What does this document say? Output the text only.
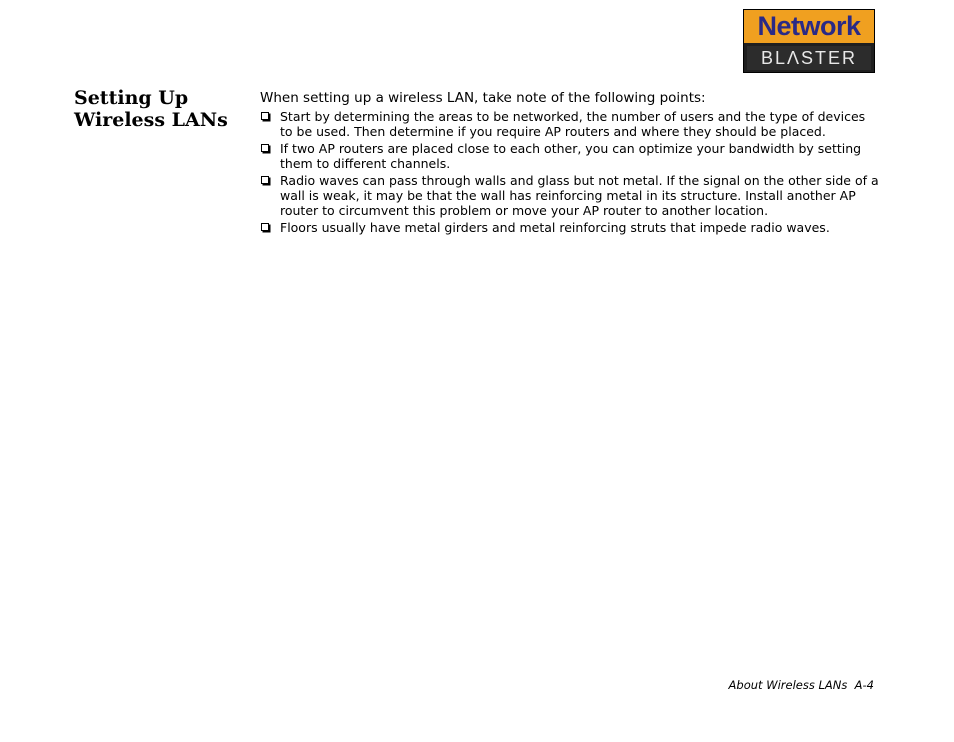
Network
BLΛSTER
Setting Up
Wireless LANs

When setting up a wireless LAN, take note of the following points:

Start by determining the areas to be networked, the number of users and the type of devices to be used. Then determine if you require AP routers and where they should be placed.
If two AP routers are placed close to each other, you can optimize your bandwidth by setting them to different channels.
Radio waves can pass through walls and glass but not metal. If the signal on the other side of a wall is weak, it may be that the wall has reinforcing metal in its structure. Install another AP router to circumvent this problem or move your AP router to another location.
Floors usually have metal girders and metal reinforcing struts that impede radio waves.
About Wireless LANs  A-4
